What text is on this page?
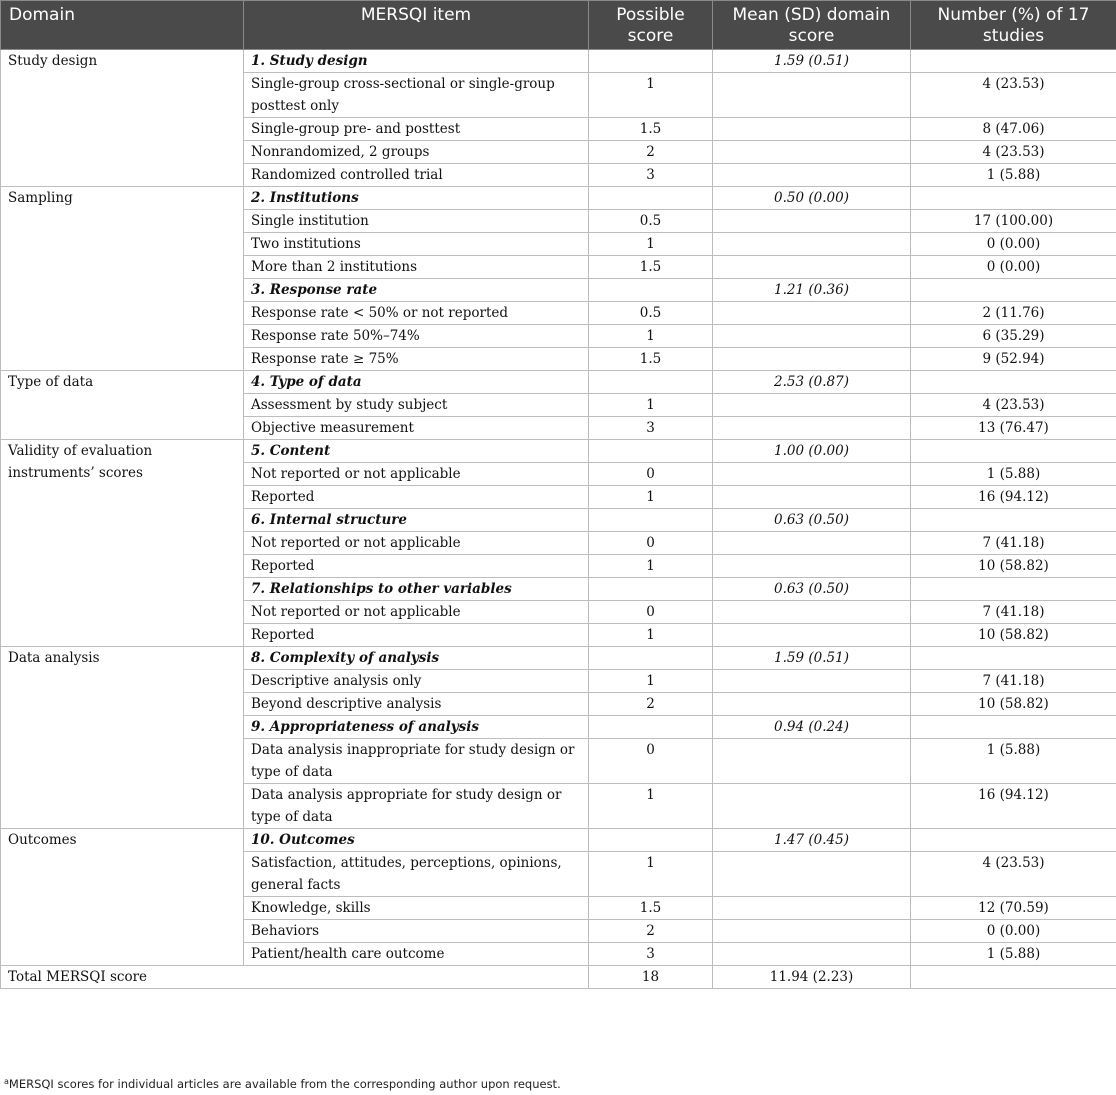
Domain	MERSQI item	Possible score	Mean (SD) domain score	Number (%) of 17 studies
Study design	1. Study design		1.59 (0.51)	
	Single-group cross-sectional or single-group posttest only	1		4 (23.53)
	Single-group pre- and posttest	1.5		8 (47.06)
	Nonrandomized, 2 groups	2		4 (23.53)
	Randomized controlled trial	3		1 (5.88)
Sampling	2. Institutions		0.50 (0.00)	
	Single institution	0.5		17 (100.00)
	Two institutions	1		0 (0.00)
	More than 2 institutions	1.5		0 (0.00)
	3. Response rate		1.21 (0.36)	
	Response rate < 50% or not reported	0.5		2 (11.76)
	Response rate 50%–74%	1		6 (35.29)
	Response rate ≥ 75%	1.5		9 (52.94)
Type of data	4. Type of data		2.53 (0.87)	
	Assessment by study subject	1		4 (23.53)
	Objective measurement	3		13 (76.47)
Validity of evaluation instruments’ scores	5. Content		1.00 (0.00)	
	Not reported or not applicable	0		1 (5.88)
	Reported	1		16 (94.12)
	6. Internal structure		0.63 (0.50)	
	Not reported or not applicable	0		7 (41.18)
	Reported	1		10 (58.82)
	7. Relationships to other variables		0.63 (0.50)	
	Not reported or not applicable	0		7 (41.18)
	Reported	1		10 (58.82)
Data analysis	8. Complexity of analysis		1.59 (0.51)	
	Descriptive analysis only	1		7 (41.18)
	Beyond descriptive analysis	2		10 (58.82)
	9. Appropriateness of analysis		0.94 (0.24)	
	Data analysis inappropriate for study design or type of data	0		1 (5.88)
	Data analysis appropriate for study design or type of data	1		16 (94.12)
Outcomes	10. Outcomes		1.47 (0.45)	
	Satisfaction, attitudes, perceptions, opinions, general facts	1		4 (23.53)
	Knowledge, skills	1.5		12 (70.59)
	Behaviors	2		0 (0.00)
	Patient/health care outcome	3		1 (5.88)
Total MERSQI score		18	11.94 (2.23)	
$^a$MERSQI scores for individual articles are available from the corresponding author upon request.
